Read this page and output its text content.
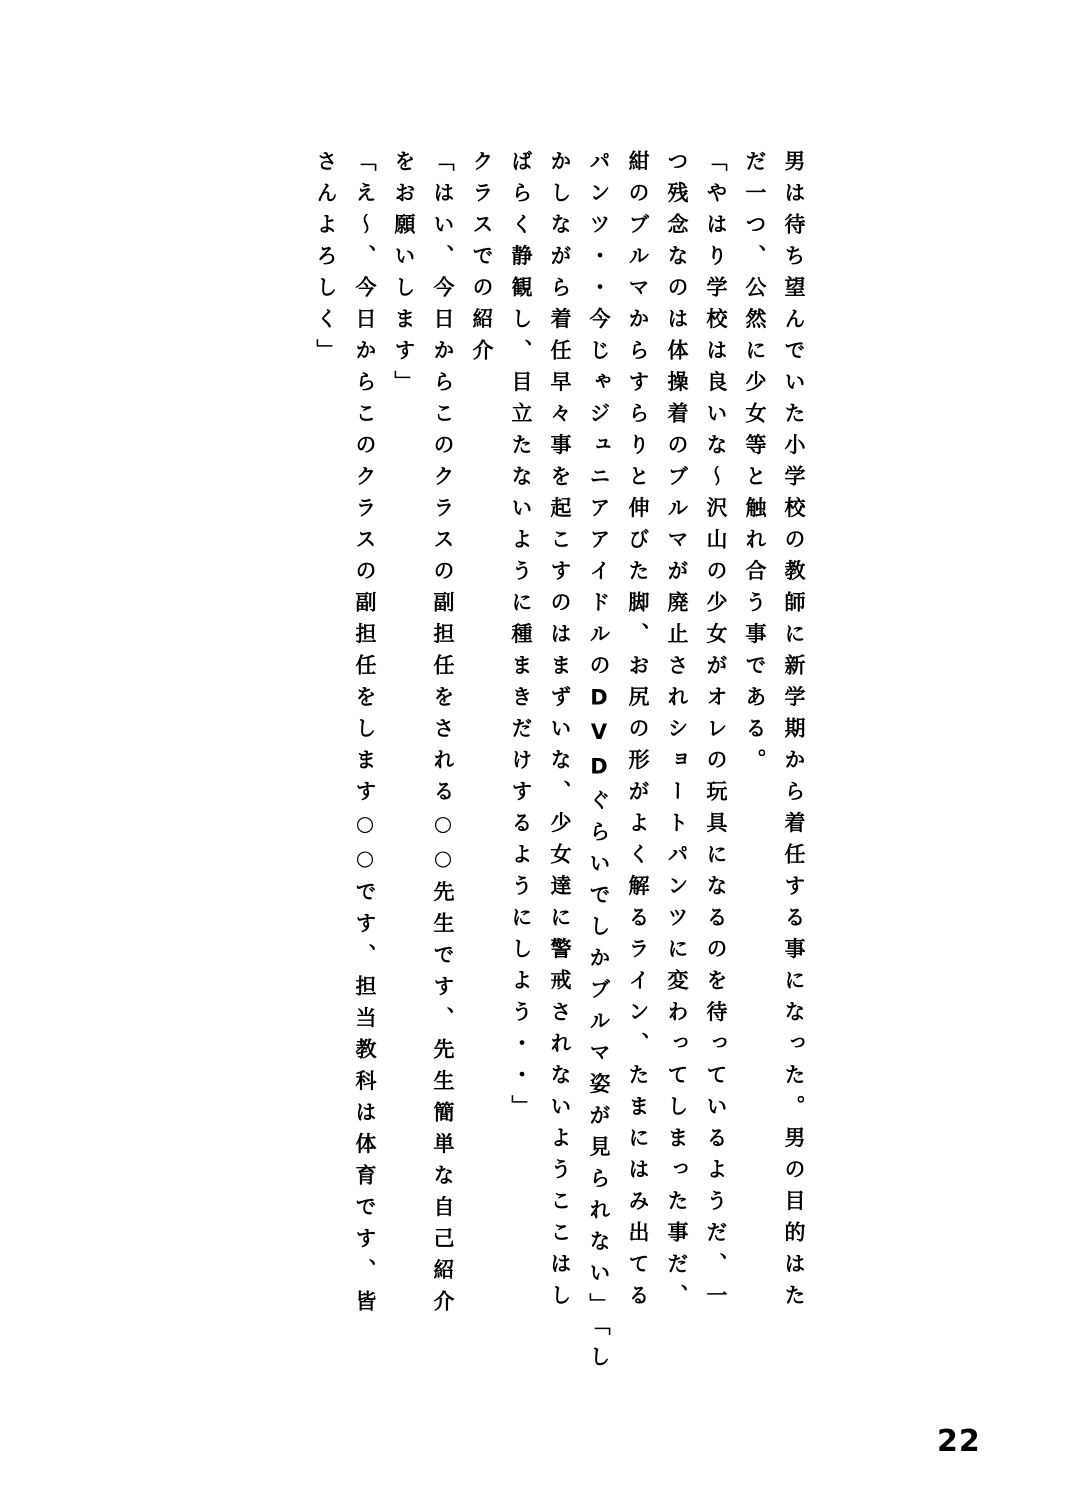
男は待ち望んでいた小学校の教師に新学期から着任する事になった。男の目的はた
だ一つ、公然に少女等と触れ合う事である。
「やはり学校は良いな～沢山の少女がオレの玩具になるのを待っているようだ、一
つ残念なのは体操着のブルマが廃止されショートパンツに変わってしまった事だ、
紺のブルマからすらりと伸びた脚、お尻の形がよく解るライン、たまにはみ出てる
パンツ・・今じゃジュニアアイドルのDVDぐらいでしかブルマ姿が見られない」「し
かしながら着任早々事を起こすのはまずいな、少女達に警戒されないようここはし
ばらく静観し、目立たないように種まきだけするようにしよう・・」
クラスでの紹介
「はい、今日からこのクラスの副担任をされる○○先生です、先生簡単な自己紹介
をお願いします」
「え～、今日からこのクラスの副担任をします○○です、担当教科は体育です、皆
さんよろしく」
22
